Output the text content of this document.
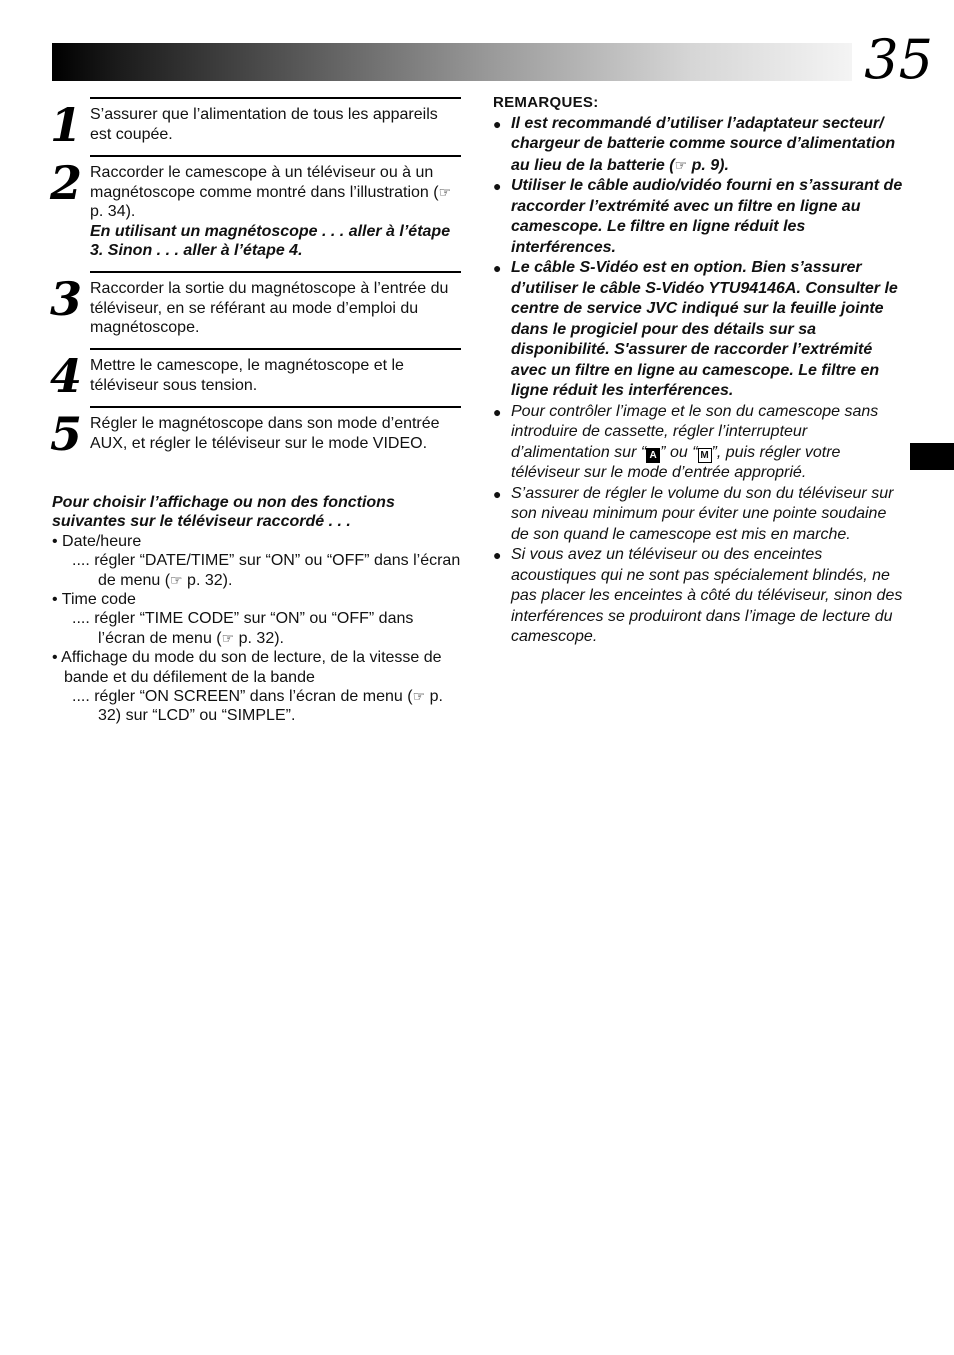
35
1 S’assurer que l’alimentation de tous les appareils est coupée.
2 Raccorder le camescope à un téléviseur ou à un magnétoscope comme montré dans l’illustration (☞ p. 34).
En utilisant un magnétoscope . . . aller à l’étape 3. Sinon . . . aller à l’étape 4.
3 Raccorder la sortie du magnétoscope à l’entrée du téléviseur, en se référant au mode d’emploi du magnétoscope.
4 Mettre le camescope, le magnétoscope et le téléviseur sous tension.
5 Régler le magnétoscope dans son mode d’entrée AUX, et régler le téléviseur sur le mode VIDEO.
Pour choisir l’affichage ou non des fonctions suivantes sur le téléviseur raccordé . . .
• Date/heure
.... régler “DATE/TIME” sur “ON” ou “OFF” dans l’écran de menu (☞ p. 32).
• Time code
.... régler “TIME CODE” sur “ON” ou “OFF” dans l’écran de menu (☞ p. 32).
• Affichage du mode du son de lecture, de la vitesse de bande et du défilement de la bande
.... régler “ON SCREEN” dans l’écran de menu (☞ p. 32) sur “LCD” ou “SIMPLE”.
REMARQUES:
● Il est recommandé d’utiliser l’adaptateur secteur/ chargeur de batterie comme source d’alimentation au lieu de la batterie (☞ p. 9).
● Utiliser le câble audio/vidéo fourni en s’assurant de raccorder l’extrémité avec un filtre en ligne au camescope. Le filtre en ligne réduit les interférences.
● Le câble S-Vidéo est en option. Bien s’assurer d’utiliser le câble S-Vidéo YTU94146A. Consulter le centre de service JVC indiqué sur la feuille jointe dans le progiciel pour des détails sur sa disponibilité. S'assurer de raccorder l’extrémité avec un filtre en ligne au camescope. Le filtre en ligne réduit les interférences.
● Pour contrôler l’image et le son du camescope sans introduire de cassette, régler l’interrupteur d’alimentation sur “ A ” ou “ M ”, puis régler votre téléviseur sur le mode d’entrée approprié.
● S’assurer de régler le volume du son du téléviseur sur son niveau minimum pour éviter une pointe soudaine de son quand le camescope est mis en marche.
● Si vous avez un téléviseur ou des enceintes acoustiques qui ne sont pas spécialement blindés, ne pas placer les enceintes à côté du téléviseur, sinon des interférences se produiront dans l’image de lecture du camescope.
